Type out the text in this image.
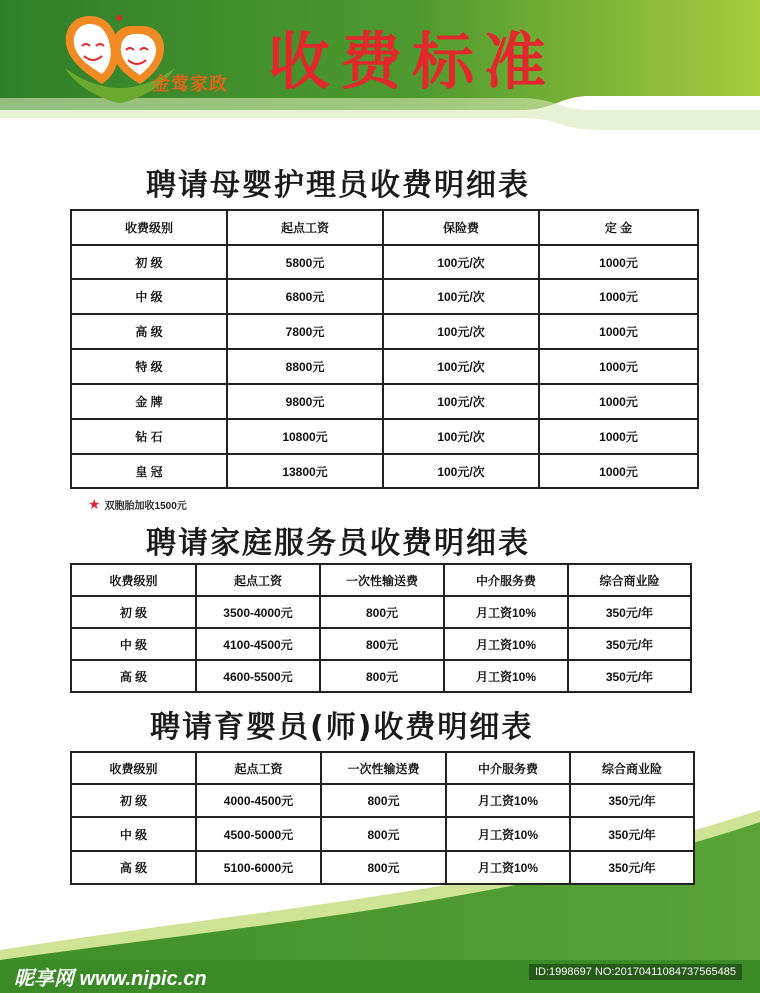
金莺家政 收费标准
聘请母婴护理员收费明细表
收费级别	起点工资	保险费	定 金
初 级	5800元	100元/次	1000元
中 级	6800元	100元/次	1000元
高 级	7800元	100元/次	1000元
特 级	8800元	100元/次	1000元
金 牌	9800元	100元/次	1000元
钻 石	10800元	100元/次	1000元
皇 冠	13800元	100元/次	1000元
★ 双胞胎加收1500元
聘请家庭服务员收费明细表
收费级别	起点工资	一次性输送费	中介服务费	综合商业险
初 级	3500-4000元	800元	月工资10%	350元/年
中 级	4100-4500元	800元	月工资10%	350元/年
高 级	4600-5500元	800元	月工资10%	350元/年
聘请育婴员(师)收费明细表
收费级别	起点工资	一次性输送费	中介服务费	综合商业险
初 级	4000-4500元	800元	月工资10%	350元/年
中 级	4500-5000元	800元	月工资10%	350元/年
高 级	5100-6000元	800元	月工资10%	350元/年
昵享网 www.nipic.cn	ID:1998697 NO:20170411084737565485
